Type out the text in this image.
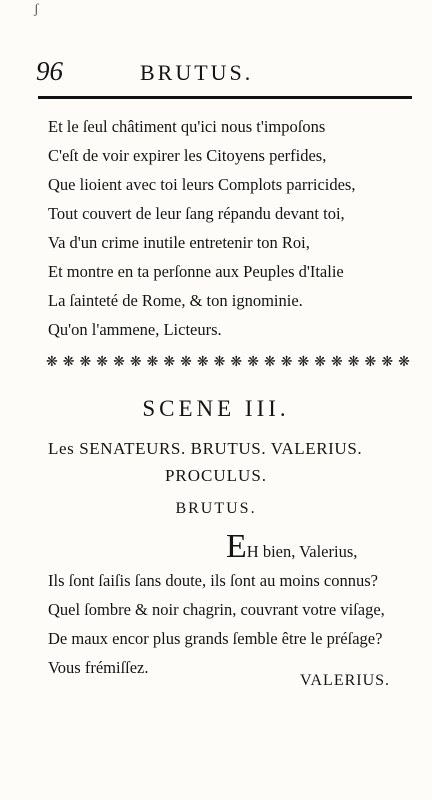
ʃ
96	BRUTUS.
Et le ſeul châtiment qu'ici nous t'impoſons
C'eſt de voir expirer les Citoyens perfides,
Que lioient avec toi leurs Complots parricides,
Tout couvert de leur ſang répandu devant toi,
Va d'un crime inutile entretenir ton Roi,
Et montre en ta perſonne aux Peuples d'Italie
La ſainteté de Rome, & ton ignominie.
Qu'on l'ammene, Licteurs.
❋ ❋ ❋ ❋ ❋ ❋ ❋ ❋ ❋ ❋ ❋ ❋ ❋ ❋ ❋ ❋ ❋ ❋ ❋ ❋ ❋ ❋
SCENE III.
Les SENATEURS. BRUTUS. VALERIUS.
PROCULUS.
BRUTUS.
EH bien, Valerius,
Ils ſont ſaiſis ſans doute, ils ſont au moins connus?
Quel ſombre & noir chagrin, couvrant votre viſage,
De maux encor plus grands ſemble être le préſage?
Vous frémiſſez.
VALERIUS.
